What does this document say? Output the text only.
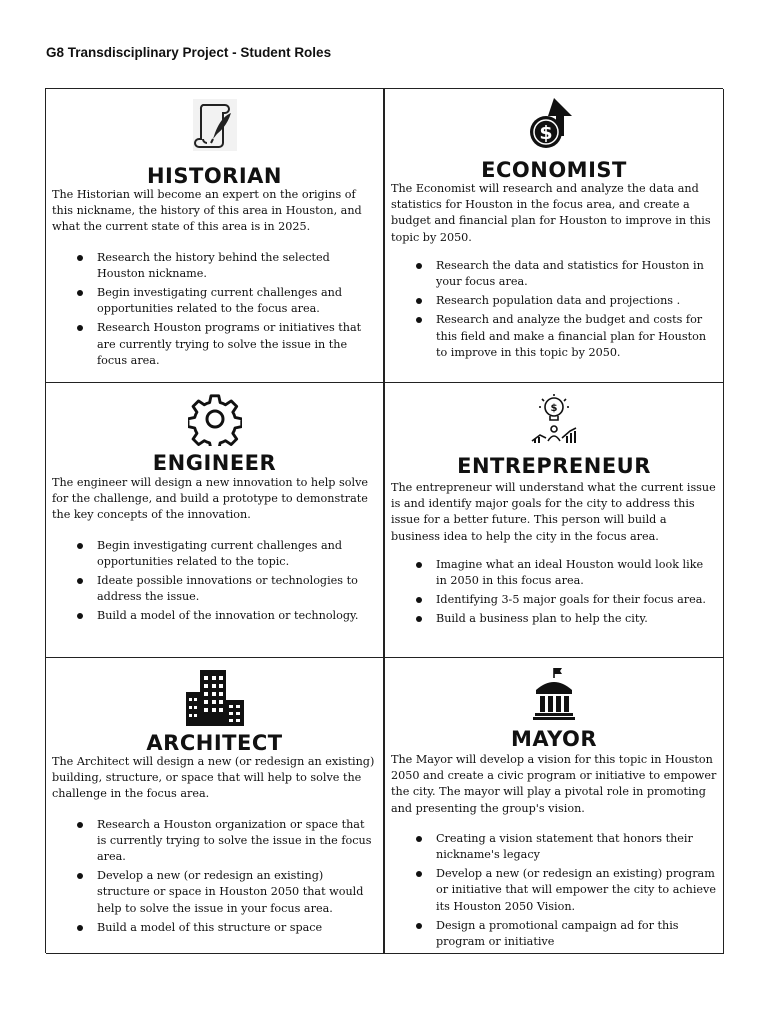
G8 Transdisciplinary Project - Student Roles
HISTORIAN

The Historian will become an expert on the origins of this nickname, the history of this area in Houston, and what the current state of this area is in 2025.

Research the history behind the selected Houston nickname.
Begin investigating current challenges and opportunities related to the focus area.
Research Houston programs or initiatives that are currently trying to solve the issue in the focus area.
$
ECONOMIST

The Economist will research and analyze the data and statistics for Houston in the focus area, and create a budget and financial plan for Houston to improve in this topic by 2050.

Research the data and statistics for Houston in your focus area.
Research population data and projections .
Research and analyze the budget and costs for this field and make a financial plan for Houston to improve in this topic by 2050.
ENGINEER

The engineer will design a new innovation to help solve for the challenge, and build a prototype to demonstrate the key concepts of the innovation.

Begin investigating current challenges and opportunities related to the topic.
Ideate possible innovations or technologies to address the issue.
Build a model of the innovation or technology.
$
ENTREPRENEUR

The entrepreneur will understand what the current issue is and identify major goals for the city to address this issue for a better future. This person will build a business idea to help the city in the focus area.

Imagine what an ideal Houston would look like in 2050 in this focus area.
Identifying 3-5 major goals for their focus area.
Build a business plan to help the city.
ARCHITECT

The Architect will design a new (or redesign an existing) building, structure, or space that will help to solve the challenge in the focus area.

Research a Houston organization or space that is currently trying to solve the issue in the focus area.
Develop a new (or redesign an existing) structure or space in Houston 2050 that would help to solve the issue in your focus area.
Build a model of this structure or space
MAYOR

The Mayor will develop a vision for this topic in Houston 2050 and create a civic program or initiative to empower the city. The mayor will play a pivotal role in promoting and presenting the group's vision.

Creating a vision statement that honors their nickname's legacy
Develop a new (or redesign an existing) program or initiative that will empower the city to achieve its Houston 2050 Vision.
Design a promotional campaign ad for this program or initiative
